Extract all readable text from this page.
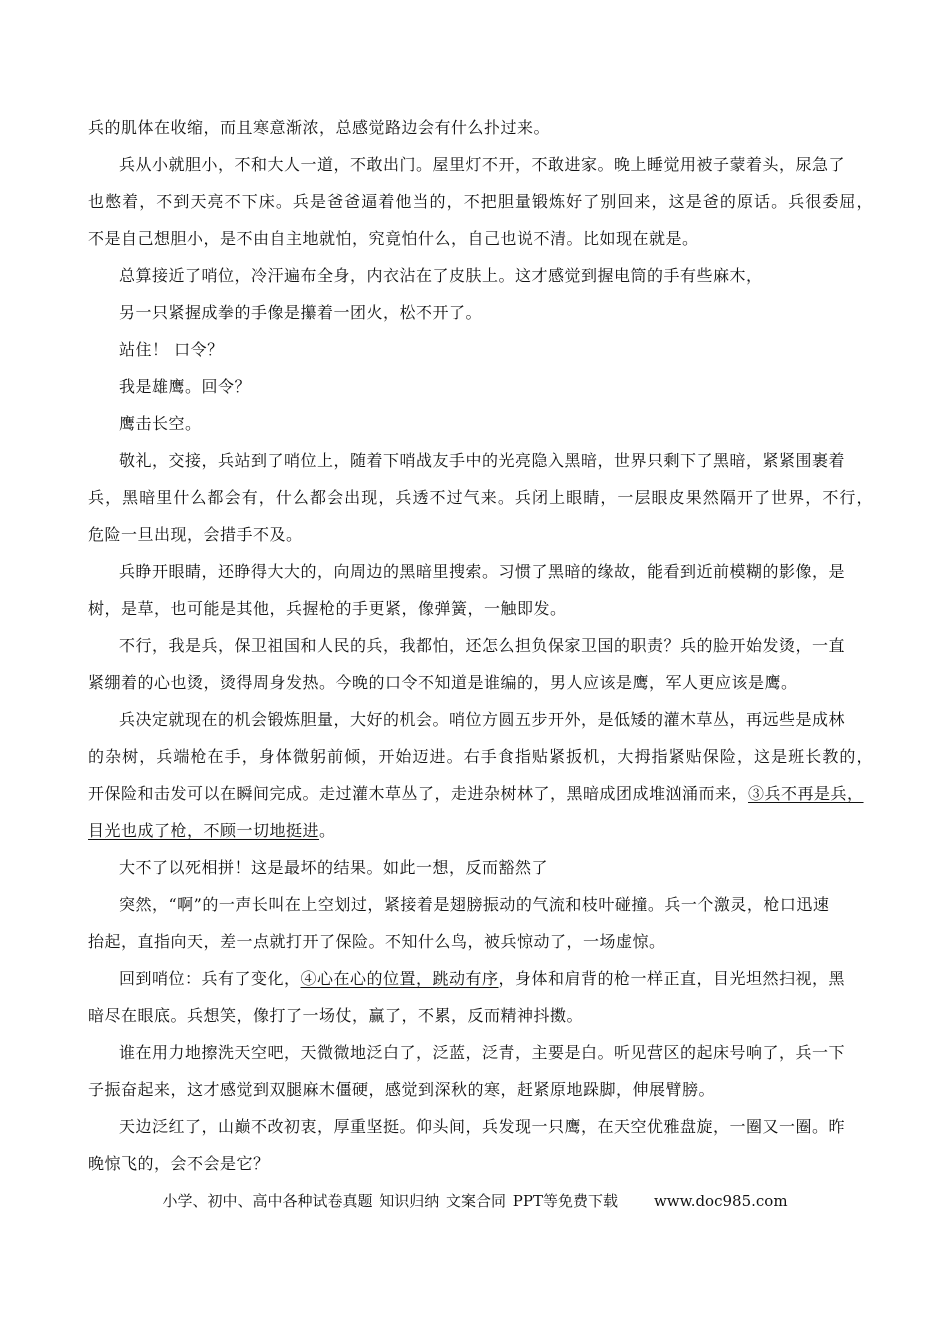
兵的肌体在收缩，而且寒意渐浓，总感觉路边会有什么扑过来。
兵从小就胆小，不和大人一道，不敢出门。屋里灯不开，不敢进家。晚上睡觉用被子蒙着头，尿急了
也憋着，不到天亮不下床。兵是爸爸逼着他当的，不把胆量锻炼好了别回来，这是爸的原话。兵很委屈，
不是自己想胆小，是不由自主地就怕，究竟怕什么，自己也说不清。比如现在就是。
总算接近了哨位，冷汗遍布全身，内衣沾在了皮肤上。这才感觉到握电筒的手有些麻木，
另一只紧握成拳的手像是攥着一团火，松不开了。
站住！ 口令？
我是雄鹰。回令？
鹰击长空。
敬礼，交接，兵站到了哨位上，随着下哨战友手中的光亮隐入黑暗，世界只剩下了黑暗，紧紧围裹着
兵，黑暗里什么都会有，什么都会出现，兵透不过气来。兵闭上眼睛，一层眼皮果然隔开了世界，不行，
危险一旦出现，会措手不及。
兵睁开眼睛，还睁得大大的，向周边的黑暗里搜索。习惯了黑暗的缘故，能看到近前模糊的影像，是
树，是草，也可能是其他，兵握枪的手更紧，像弹簧，一触即发。
不行，我是兵，保卫祖国和人民的兵，我都怕，还怎么担负保家卫国的职责？兵的脸开始发烫，一直
紧绷着的心也烫，烫得周身发热。今晚的口令不知道是谁编的，男人应该是鹰，军人更应该是鹰。
兵决定就现在的机会锻炼胆量，大好的机会。哨位方圆五步开外，是低矮的灌木草丛，再远些是成林
的杂树，兵端枪在手，身体微躬前倾，开始迈进。右手食指贴紧扳机，大拇指紧贴保险，这是班长教的，
开保险和击发可以在瞬间完成。走过灌木草丛了，走进杂树林了，黑暗成团成堆汹涌而来，③兵不再是兵，
目光也成了枪，不顾一切地挺进。
大不了以死相拼！这是最坏的结果。如此一想，反而豁然了
突然，“啊”的一声长叫在上空划过，紧接着是翅膀振动的气流和枝叶碰撞。兵一个激灵，枪口迅速
抬起，直指向天，差一点就打开了保险。不知什么鸟，被兵惊动了，一场虚惊。
回到哨位：兵有了变化，④心在心的位置，跳动有序，身体和肩背的枪一样正直，目光坦然扫视，黑
暗尽在眼底。兵想笑，像打了一场仗，赢了，不累，反而精神抖擞。
谁在用力地擦洗天空吧，天微微地泛白了，泛蓝，泛青，主要是白。听见营区的起床号响了，兵一下
子振奋起来，这才感觉到双腿麻木僵硬，感觉到深秋的寒，赶紧原地跺脚，伸展臂膀。
天边泛红了，山巅不改初衷，厚重坚挺。仰头间，兵发现一只鹰，在天空优雅盘旋，一圈又一圈。昨
晚惊飞的，会不会是它？
小学、初中、高中各种试卷真题 知识归纳 文案合同 PPT等免费下载 www.doc985.com
